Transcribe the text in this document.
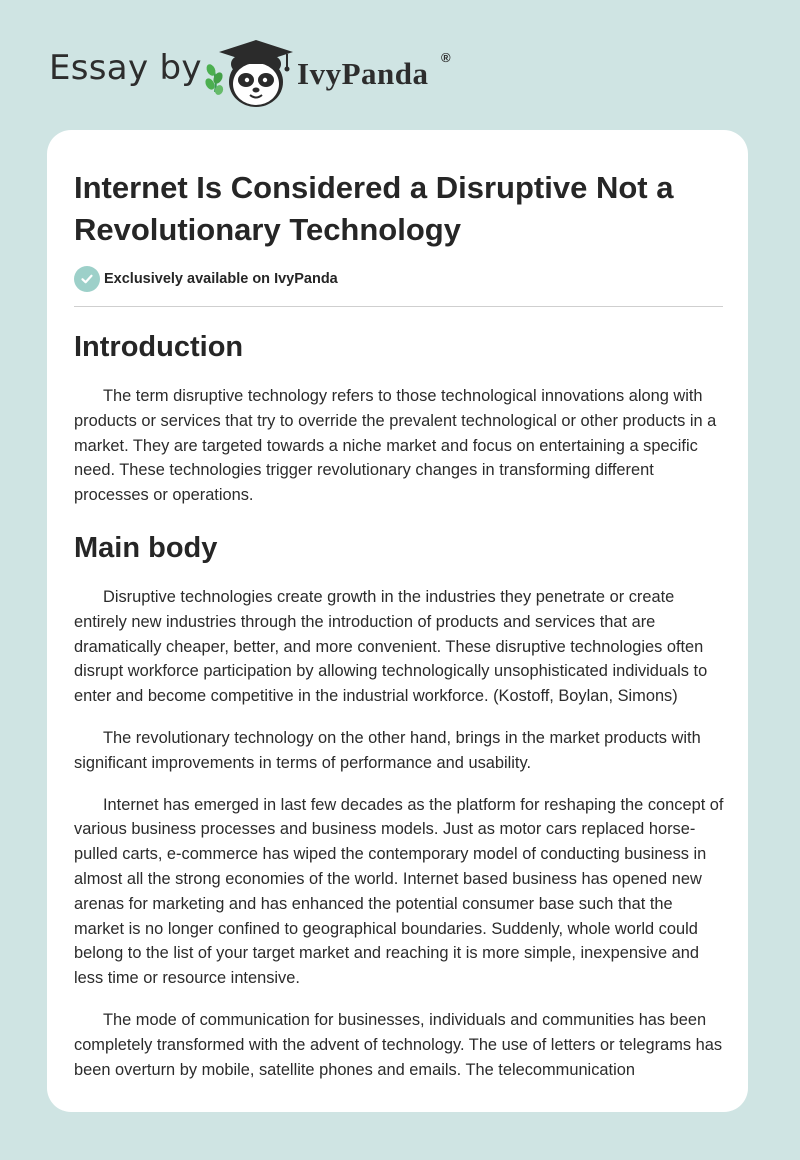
Essay by	IvyPanda ®
Internet Is Considered a Disruptive Not a Revolutionary Technology
Exclusively available on IvyPanda
Introduction

The term disruptive technology refers to those technological innovations along with products or services that try to override the prevalent technological or other products in a market. They are targeted towards a niche market and focus on entertaining a specific need. These technologies trigger revolutionary changes in transforming different processes or operations.

Main body

Disruptive technologies create growth in the industries they penetrate or create entirely new industries through the introduction of products and services that are dramatically cheaper, better, and more convenient. These disruptive technologies often disrupt workforce participation by allowing technologically unsophisticated individuals to enter and become competitive in the industrial workforce. (Kostoff, Boylan, Simons)

The revolutionary technology on the other hand, brings in the market products with significant improvements in terms of performance and usability.

Internet has emerged in last few decades as the platform for reshaping the concept of various business processes and business models. Just as motor cars replaced horse-pulled carts, e-commerce has wiped the contemporary model of conducting business in almost all the strong economies of the world. Internet based business has opened new arenas for marketing and has enhanced the potential consumer base such that the market is no longer confined to geographical boundaries. Suddenly, whole world could belong to the list of your target market and reaching it is more simple, inexpensive and less time or resource intensive.

The mode of communication for businesses, individuals and communities has been completely transformed with the advent of technology. The use of letters or telegrams has been overturn by mobile, satellite phones and emails. The telecommunication
